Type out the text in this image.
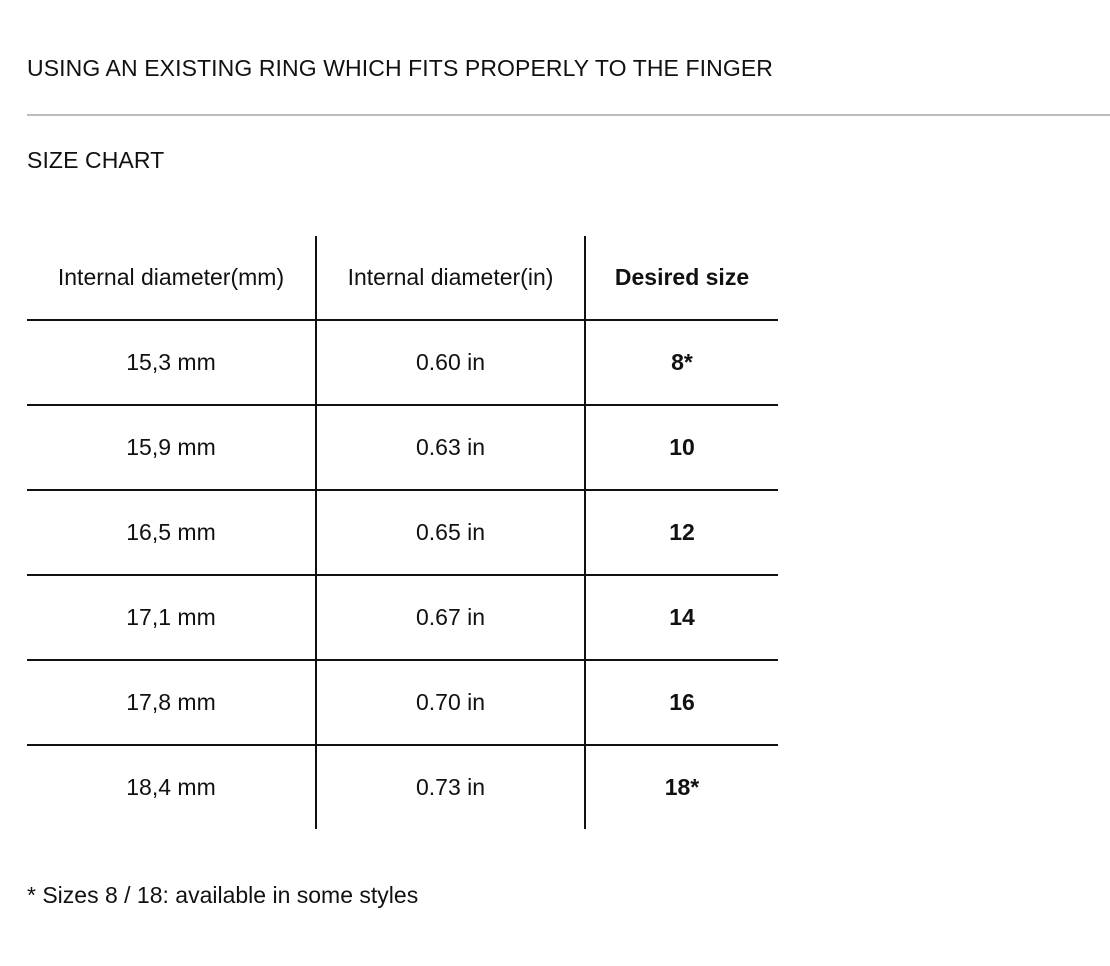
USING AN EXISTING RING WHICH FITS PROPERLY TO THE FINGER
SIZE CHART
Internal diameter(mm)	Internal diameter(in)	Desired size
15,3 mm	0.60 in	8*
15,9 mm	0.63 in	10
16,5 mm	0.65 in	12
17,1 mm	0.67 in	14
17,8 mm	0.70 in	16
18,4 mm	0.73 in	18*
* Sizes 8 / 18: available in some styles
